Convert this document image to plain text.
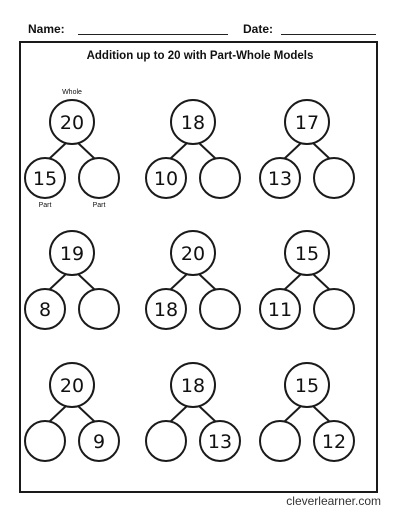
Name:	Date:
Addition up to 20 with Part-Whole Models
20
15
Whole
Part	Part
18
10
17
13
19
8
20
18
15
11
20
9
18
13
15
12
cleverlearner.com
